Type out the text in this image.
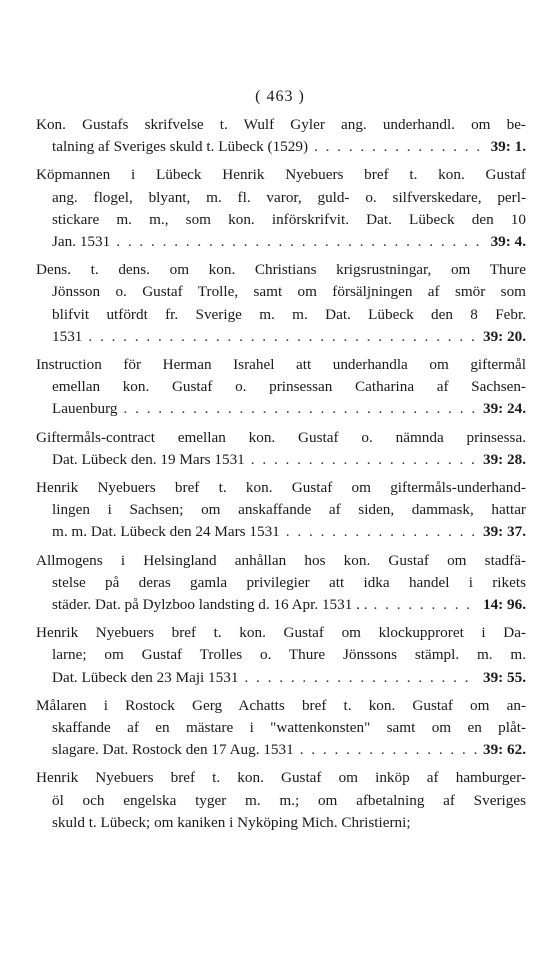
( 463 )
Kon. Gustafs skrifvelse t. Wulf Gyler ang. underhandl. om be-
talning af Sveriges skuld t. Lübeck (1529) . . .	39: 1.
Köpmannen i Lübeck Henrik Nyebuers bref t. kon. Gustaf
ang. flogel, blyant, m. fl. varor, guld- o. silfverskedare, perl-
stickare m. m., som kon. införskrifvit. Dat. Lübeck den 10
Jan. 1531 . . .	39: 4.
Dens. t. dens. om kon. Christians krigsrustningar, om Thure
Jönsson o. Gustaf Trolle, samt om försäljningen af smör som
blifvit utfördt fr. Sverige m. m. Dat. Lübeck den 8 Febr.
1531 . . .	39: 20.
Instruction för Herman Israhel att underhandla om giftermål
emellan kon. Gustaf o. prinsessan Catharina af Sachsen-
Lauenburg . . .	39: 24.
Giftermåls-contract emellan kon. Gustaf o. nämnda prinsessa.
Dat. Lübeck den. 19 Mars 1531 . . .	39: 28.
Henrik Nyebuers bref t. kon. Gustaf om giftermåls-underhand-
lingen i Sachsen; om anskaffande af siden, dammask, hattar
m. m. Dat. Lübeck den 24 Mars 1531 . . .	39: 37.
Allmogens i Helsingland anhållan hos kon. Gustaf om stadfä-
stelse på deras gamla privilegier att idka handel i rikets
städer. Dat. på Dylzboo landsting d. 16 Apr. 1531 . . . . .	14: 96.
Henrik Nyebuers bref t. kon. Gustaf om klockupproret i Da-
larne; om Gustaf Trolles o. Thure Jönssons stämpl. m. m.
Dat. Lübeck den 23 Maji 1531 . . .	39: 55.
Målaren i Rostock Gerg Achatts bref t. kon. Gustaf om an-
skaffande af en mästare i "wattenkonsten" samt om en plåt-
slagare. Dat. Rostock den 17 Aug. 1531 . . .	39: 62.
Henrik Nyebuers bref t. kon. Gustaf om inköp af hamburger-
öl och engelska tyger m. m.; om afbetalning af Sveriges
skuld t. Lübeck; om kaniken i Nyköping Mich. Christierni;
